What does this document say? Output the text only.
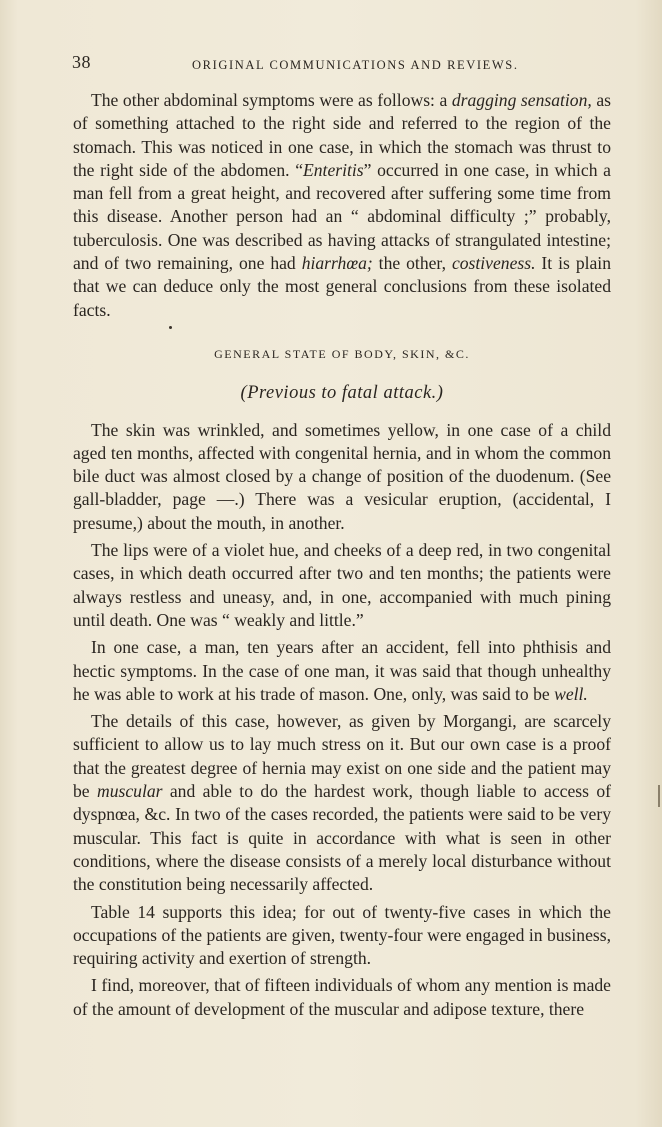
38	ORIGINAL COMMUNICATIONS AND REVIEWS.

The other abdominal symptoms were as follows: a dragging sensation, as of something attached to the right side and referred to the region of the stomach. This was noticed in one case, in which the stomach was thrust to the right side of the abdomen. “Enteritis” occurred in one case, in which a man fell from a great height, and recovered after suffering some time from this disease. Another person had an “ abdominal difficulty ;” probably, tuberculosis. One was described as having attacks of strangulated intestine; and of two remaining, one had hiarrhœa; the other, costiveness. It is plain that we can deduce only the most general conclusions from these isolated facts.

GENERAL STATE OF BODY, SKIN, &C.
(Previous to fatal attack.)

The skin was wrinkled, and sometimes yellow, in one case of a child aged ten months, affected with congenital hernia, and in whom the common bile duct was almost closed by a change of position of the duodenum. (See gall-bladder, page —.) There was a vesicular eruption, (accidental, I presume,) about the mouth, in another.

The lips were of a violet hue, and cheeks of a deep red, in two congenital cases, in which death occurred after two and ten months; the patients were always restless and uneasy, and, in one, accompanied with much pining until death. One was “ weakly and little.”

In one case, a man, ten years after an accident, fell into phthisis and hectic symptoms. In the case of one man, it was said that though unhealthy he was able to work at his trade of mason. One, only, was said to be well.

The details of this case, however, as given by Morgangi, are scarcely sufficient to allow us to lay much stress on it. But our own case is a proof that the greatest degree of hernia may exist on one side and the patient may be muscular and able to do the hardest work, though liable to access of dyspnœa, &c. In two of the cases recorded, the patients were said to be very muscular. This fact is quite in accordance with what is seen in other conditions, where the disease consists of a merely local disturbance without the constitution being necessarily affected.

Table 14 supports this idea; for out of twenty-five cases in which the occupations of the patients are given, twenty-four were engaged in business, requiring activity and exertion of strength.

I find, moreover, that of fifteen individuals of whom any mention is made of the amount of development of the muscular and adipose texture, there
